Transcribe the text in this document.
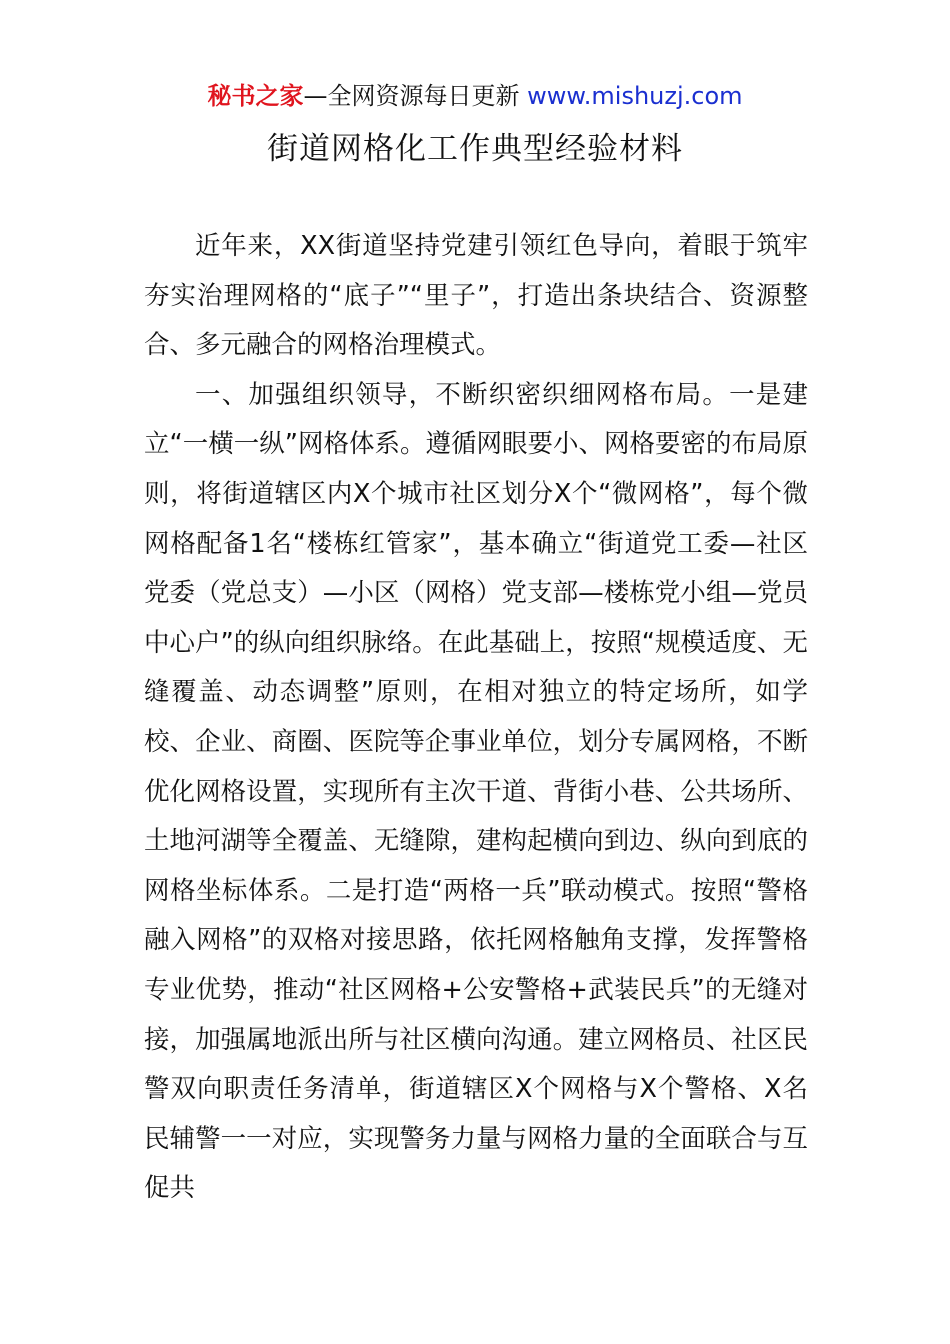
秘书之家—全网资源每日更新 www.mishuzj.com
街道网格化工作典型经验材料

近年来，XX街道坚持党建引领红色导向，着眼于筑牢夯实治理网格的“底子”“里子”，打造出条块结合、资源整合、多元融合的网格治理模式。

一、加强组织领导，不断织密织细网格布局。一是建立“一横一纵”网格体系。遵循网眼要小、网格要密的布局原则，将街道辖区内X个城市社区划分X个“微网格”，每个微网格配备1名“楼栋红管家”，基本确立“街道党工委—社区党委（党总支）—小区（网格）党支部—楼栋党小组—党员中心户”的纵向组织脉络。在此基础上，按照“规模适度、无缝覆盖、动态调整”原则，在相对独立的特定场所，如学校、企业、商圈、医院等企事业单位，划分专属网格，不断优化网格设置，实现所有主次干道、背街小巷、公共场所、土地河湖等全覆盖、无缝隙，建构起横向到边、纵向到底的网格坐标体系。二是打造“两格一兵”联动模式。按照“警格融入网格”的双格对接思路，依托网格触角支撑，发挥警格专业优势，推动“社区网格+公安警格+武装民兵”的无缝对接，加强属地派出所与社区横向沟通。建立网格员、社区民警双向职责任务清单，街道辖区X个网格与X个警格、X名民辅警一一对应，实现警务力量与网格力量的全面联合与互促共
